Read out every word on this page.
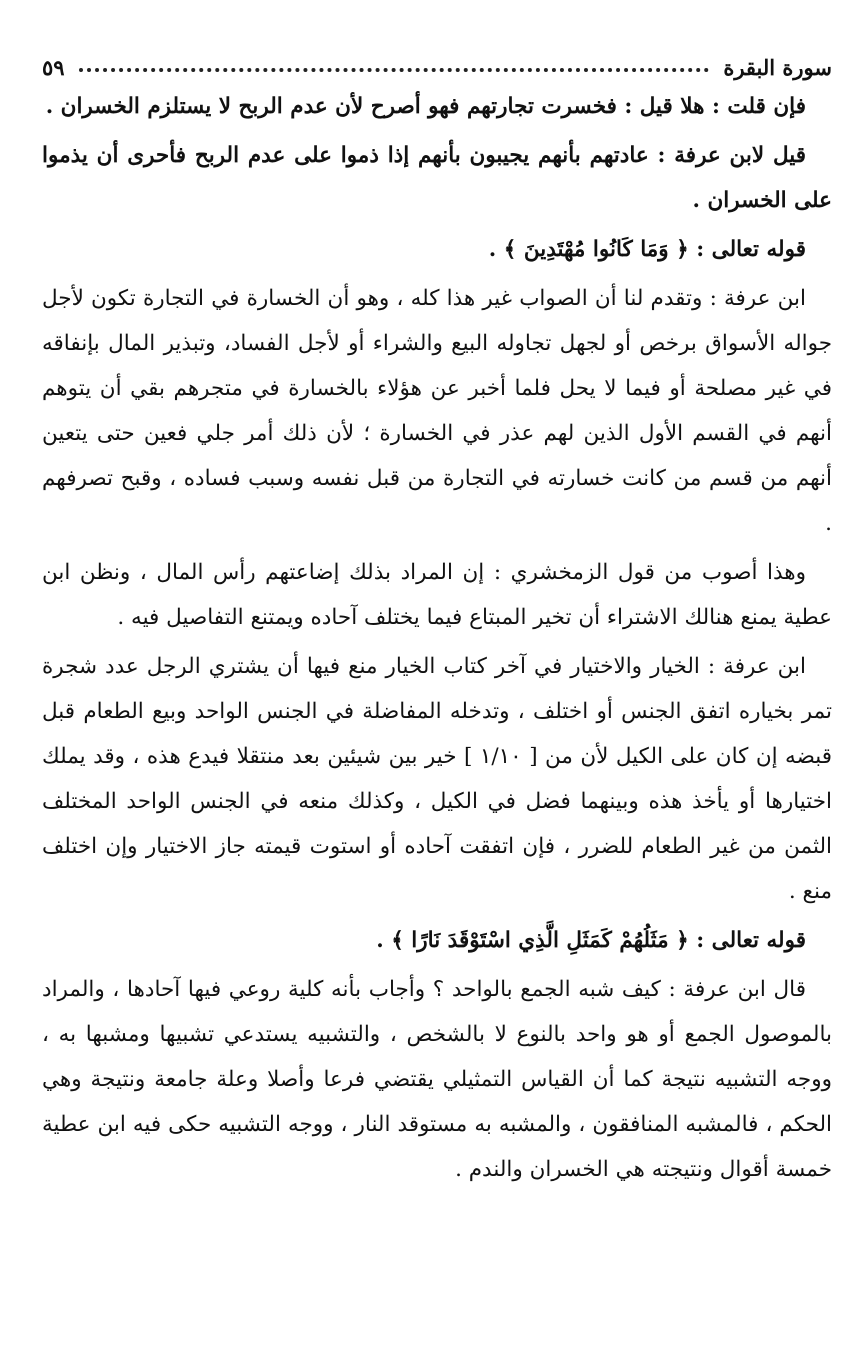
سورة البقرة
٥٩

فإن قلت : هلا قيل : فخسرت تجارتهم فهو أصرح لأن عدم الربح لا يستلزم الخسران .

قيل لابن عرفة : عادتهم بأنهم يجيبون بأنهم إذا ذموا على عدم الربح فأحرى أن يذموا على الخسران .

قوله تعالى : ﴿ وَمَا كَانُوا مُهْتَدِينَ ﴾ .

ابن عرفة : وتقدم لنا أن الصواب غير هذا كله ، وهو أن الخسارة في التجارة تكون لأجل جواله الأسواق برخص أو لجهل تجاوله البيع والشراء أو لأجل الفساد، وتبذير المال بإنفاقه في غير مصلحة أو فيما لا يحل فلما أخبر عن هؤلاء بالخسارة في متجرهم بقي أن يتوهم أنهم في القسم الأول الذين لهم عذر في الخسارة ؛ لأن ذلك أمر جلي فعين حتى يتعين أنهم من قسم من كانت خسارته في التجارة من قبل نفسه وسبب فساده ، وقبح تصرفهم .

وهذا أصوب من قول الزمخشري : إن المراد بذلك إضاعتهم رأس المال ، ونظن ابن عطية يمنع هنالك الاشتراء أن تخير المبتاع فيما يختلف آحاده ويمتنع التفاصيل فيه .

ابن عرفة : الخيار والاختيار في آخر كتاب الخيار منع فيها أن يشتري الرجل عدد شجرة تمر بخياره اتفق الجنس أو اختلف ، وتدخله المفاضلة في الجنس الواحد وبيع الطعام قبل قبضه إن كان على الكيل لأن من [ ١/١٠ ] خير بين شيئين بعد منتقلا فيدع هذه ، وقد يملك اختيارها أو يأخذ هذه وبينهما فضل في الكيل ، وكذلك منعه في الجنس الواحد المختلف الثمن من غير الطعام للضرر ، فإن اتفقت آحاده أو استوت قيمته جاز الاختيار وإن اختلف منع .

قوله تعالى : ﴿ مَثَلُهُمْ كَمَثَلِ الَّذِي اسْتَوْقَدَ نَارًا ﴾ .

قال ابن عرفة : كيف شبه الجمع بالواحد ؟ وأجاب بأنه كلية روعي فيها آحادها ، والمراد بالموصول الجمع أو هو واحد بالنوع لا بالشخص ، والتشبيه يستدعي تشبيها ومشبها به ، ووجه التشبيه نتيجة كما أن القياس التمثيلي يقتضي فرعا وأصلا وعلة جامعة ونتيجة وهي الحكم ، فالمشبه المنافقون ، والمشبه به مستوقد النار ، ووجه التشبيه حكى فيه ابن عطية خمسة أقوال ونتيجته هي الخسران والندم .
